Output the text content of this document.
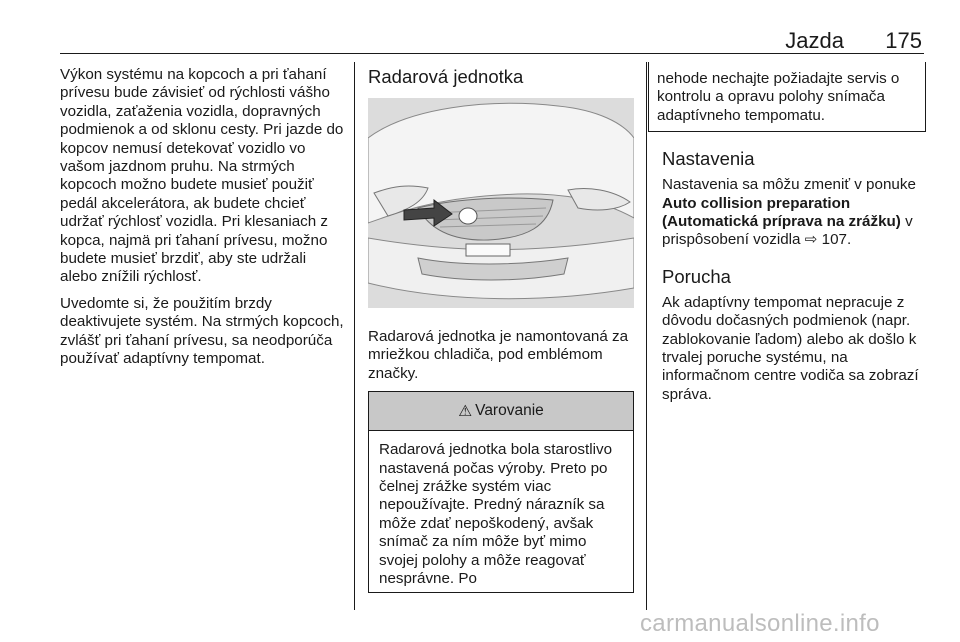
Jazda 175

Výkon systému na kopcoch a pri ťahaní prívesu bude závisieť od rýchlosti vášho vozidla, zaťaženia vozidla, dopravných podmienok a od sklonu cesty. Pri jazde do kopcov nemusí detekovať vozidlo vo vašom jazdnom pruhu. Na strmých kopcoch možno budete musieť použiť pedál akcelerátora, ak budete chcieť udržať rýchlosť vozidla. Pri klesaniach z kopca, najmä pri ťahaní prívesu, možno budete musieť brzdiť, aby ste udržali alebo znížili rýchlosť.

Uvedomte si, že použitím brzdy deaktivujete systém. Na strmých kopcoch, zvlášť pri ťahaní prívesu, sa neodporúča používať adaptívny tempomat.

Radarová jednotka

Radarová jednotka je namontovaná za mriežkou chladiča, pod emblémom značky.

⚠ Varovanie

Radarová jednotka bola starostlivo nastavená počas výroby. Preto po čelnej zrážke systém viac nepoužívajte. Predný nárazník sa môže zdať nepoškodený, avšak snímač za ním môže byť mimo svojej polohy a môže reagovať nesprávne. Po

nehode nechajte požiadajte servis o kontrolu a opravu polohy snímača adaptívneho tempomatu.

Nastavenia

Nastavenia sa môžu zmeniť v ponuke Auto collision preparation (Automatická príprava na zrážku) v prispôsobení vozidla ⇨ 107.

Porucha

Ak adaptívny tempomat nepracuje z dôvodu dočasných podmienok (napr. zablokovanie ľadom) alebo ak došlo k trvalej poruche systému, na informačnom centre vodiča sa zobrazí správa.

carmanualsonline.info
